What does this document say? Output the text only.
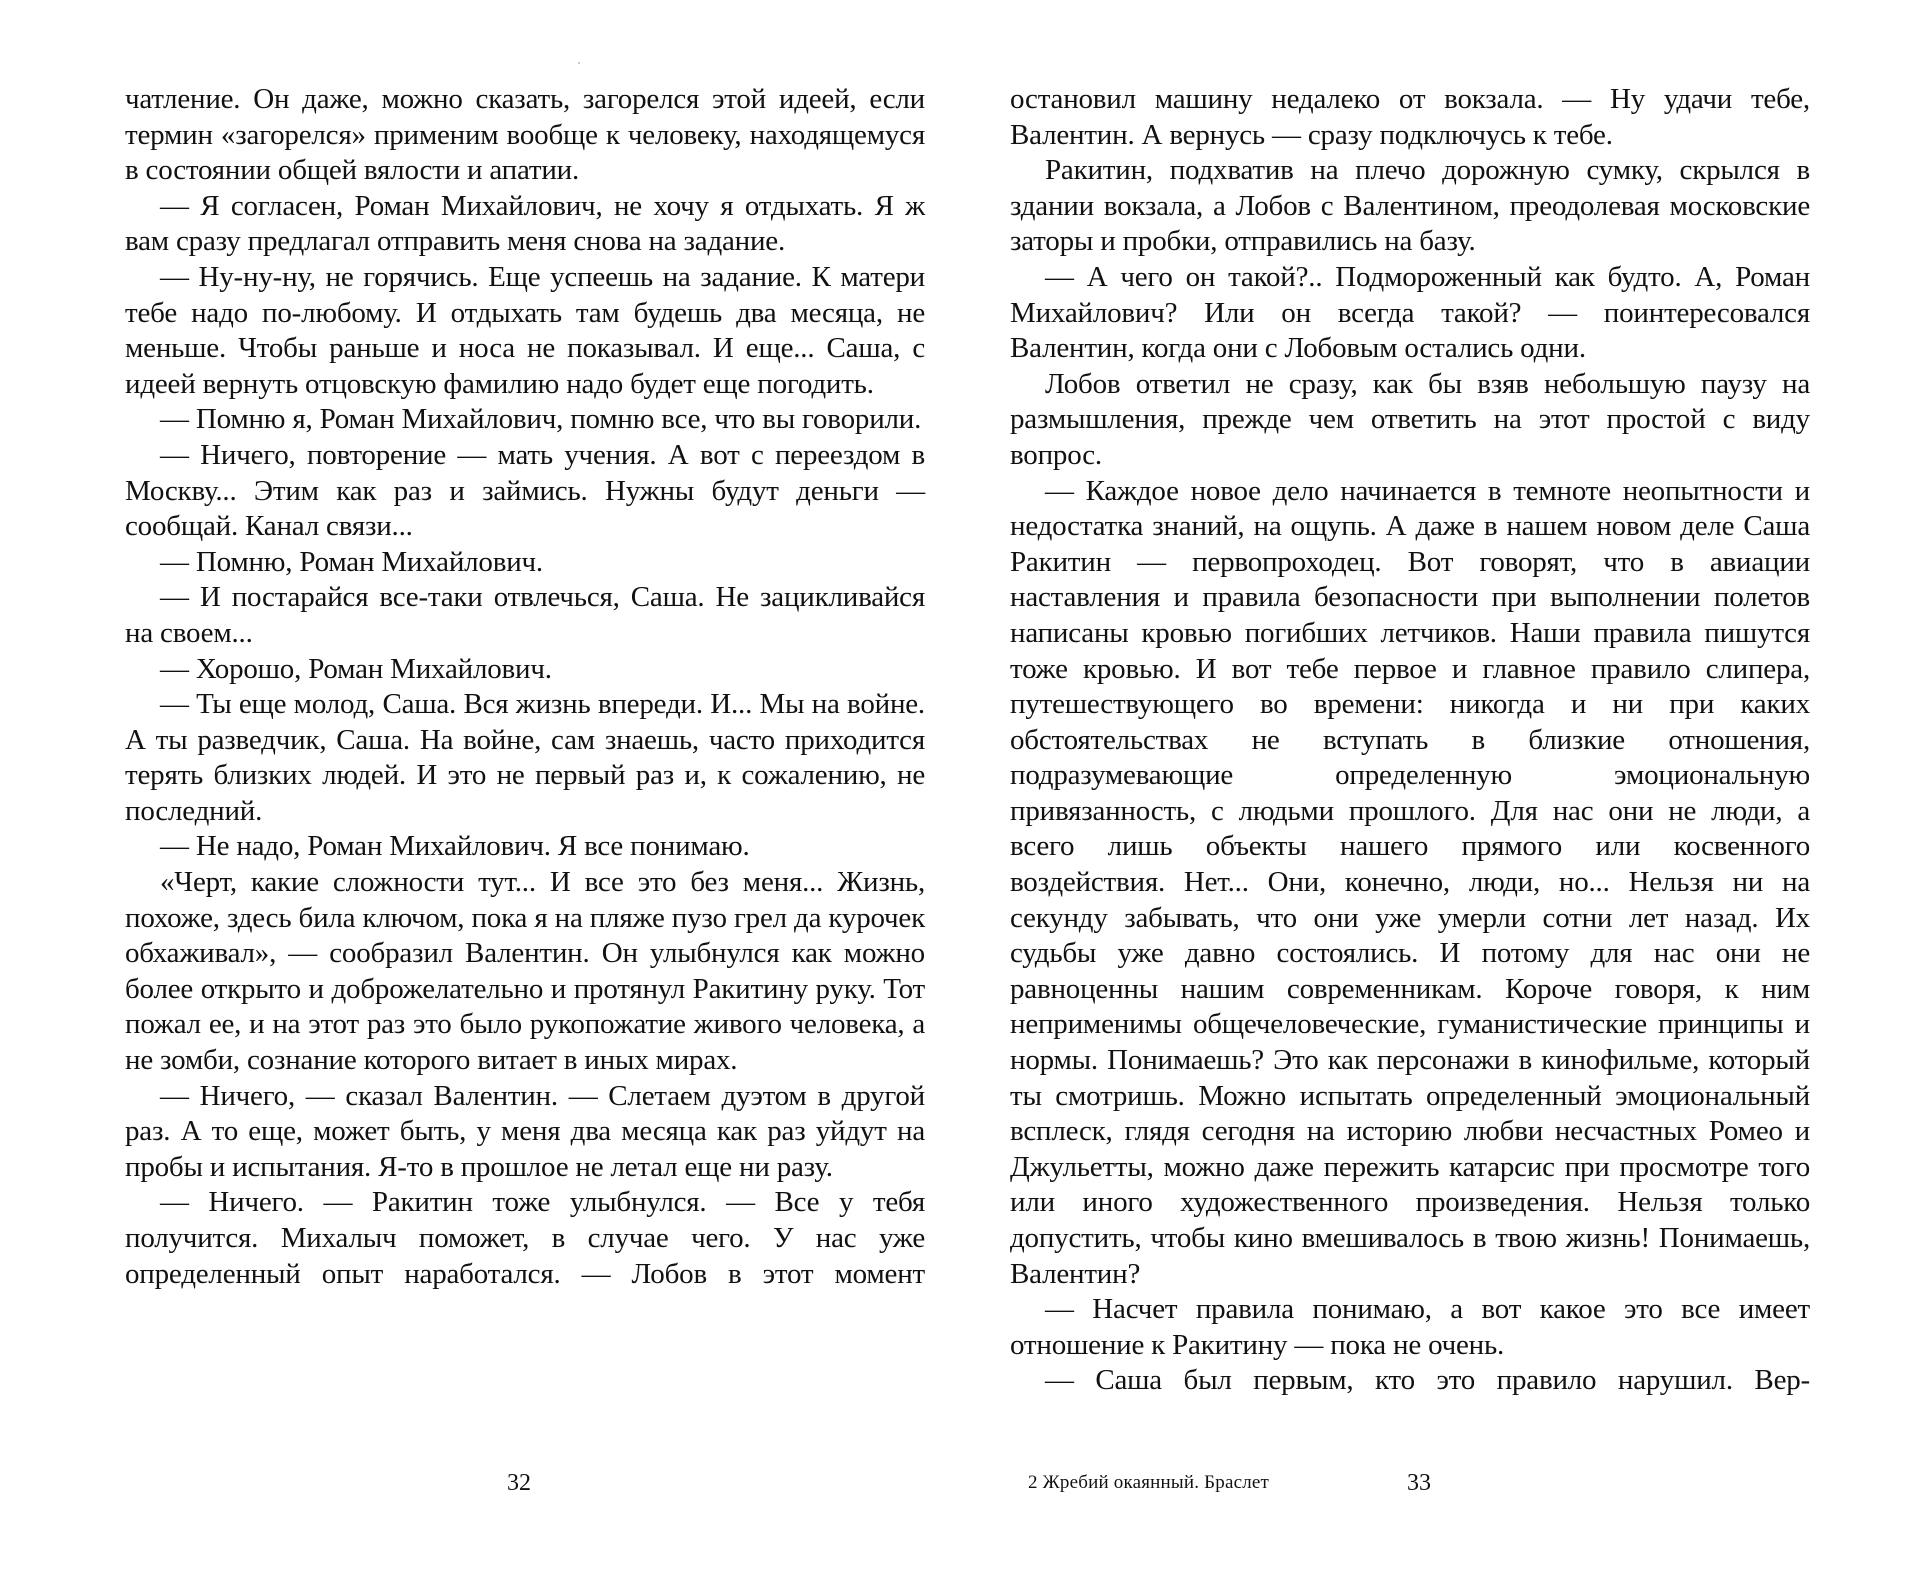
чатление. Он даже, можно сказать, загорелся этой идеей, если термин «загорелся» применим вообще к человеку, находящемуся в состоянии общей вялости и апатии.

— Я согласен, Роман Михайлович, не хочу я отдыхать. Я ж вам сразу предлагал отправить меня снова на задание.

— Ну-ну-ну, не горячись. Еще успеешь на задание. К матери тебе надо по-любому. И отдыхать там будешь два месяца, не меньше. Чтобы раньше и носа не показывал. И еще... Саша, с идеей вернуть отцовскую фамилию надо будет еще погодить.

— Помню я, Роман Михайлович, помню все, что вы говорили.

— Ничего, повторение — мать учения. А вот с переездом в Москву... Этим как раз и займись. Нужны будут деньги — сообщай. Канал связи...

— Помню, Роман Михайлович.

— И постарайся все-таки отвлечься, Саша. Не зацикливайся на своем...

— Хорошо, Роман Михайлович.

— Ты еще молод, Саша. Вся жизнь впереди. И... Мы на войне. А ты разведчик, Саша. На войне, сам знаешь, часто приходится терять близких людей. И это не первый раз и, к сожалению, не последний.

— Не надо, Роман Михайлович. Я все понимаю.

«Черт, какие сложности тут... И все это без меня... Жизнь, похоже, здесь била ключом, пока я на пляже пузо грел да курочек обхаживал», — сообразил Валентин. Он улыбнулся как можно более открыто и доброжелательно и протянул Ракитину руку. Тот пожал ее, и на этот раз это было рукопожатие живого человека, а не зомби, сознание которого витает в иных мирах.

— Ничего, — сказал Валентин. — Слетаем дуэтом в другой раз. А то еще, может быть, у меня два месяца как раз уйдут на пробы и испытания. Я-то в прошлое не летал еще ни разу.

— Ничего. — Ракитин тоже улыбнулся. — Все у тебя получится. Михалыч поможет, в случае чего. У нас уже определенный опыт наработался. — Лобов в этот момент

остановил машину недалеко от вокзала. — Ну удачи тебе, Валентин. А вернусь — сразу подключусь к тебе.

Ракитин, подхватив на плечо дорожную сумку, скрылся в здании вокзала, а Лобов с Валентином, преодолевая московские заторы и пробки, отправились на базу.

— А чего он такой?.. Подмороженный как будто. А, Роман Михайлович? Или он всегда такой? — поинтересовался Валентин, когда они с Лобовым остались одни.

Лобов ответил не сразу, как бы взяв небольшую паузу на размышления, прежде чем ответить на этот простой с виду вопрос.

— Каждое новое дело начинается в темноте неопытности и недостатка знаний, на ощупь. А даже в нашем новом деле Саша Ракитин — первопроходец. Вот говорят, что в авиации наставления и правила безопасности при выполнении полетов написаны кровью погибших летчиков. Наши правила пишутся тоже кровью. И вот тебе первое и главное правило слипера, путешествующего во времени: никогда и ни при каких обстоятельствах не вступать в близкие отношения, подразумевающие определенную эмоциональную привязанность, с людьми прошлого. Для нас они не люди, а всего лишь объекты нашего прямого или косвенного воздействия. Нет... Они, конечно, люди, но... Нельзя ни на секунду забывать, что они уже умерли сотни лет назад. Их судьбы уже давно состоялись. И потому для нас они не равноценны нашим современникам. Короче говоря, к ним неприменимы общечеловеческие, гуманистические принципы и нормы. Понимаешь? Это как персонажи в кинофильме, который ты смотришь. Можно испытать определенный эмоциональный всплеск, глядя сегодня на историю любви несчастных Ромео и Джульетты, можно даже пережить катарсис при просмотре того или иного художественного произведения. Нельзя только допустить, чтобы кино вмешивалось в твою жизнь! Понимаешь, Валентин?

— Насчет правила понимаю, а вот какое это все имеет отношение к Ракитину — пока не очень.

— Саша был первым, кто это правило нарушил. Вер-

32	2 Жребий окаянный. Браслет	33
